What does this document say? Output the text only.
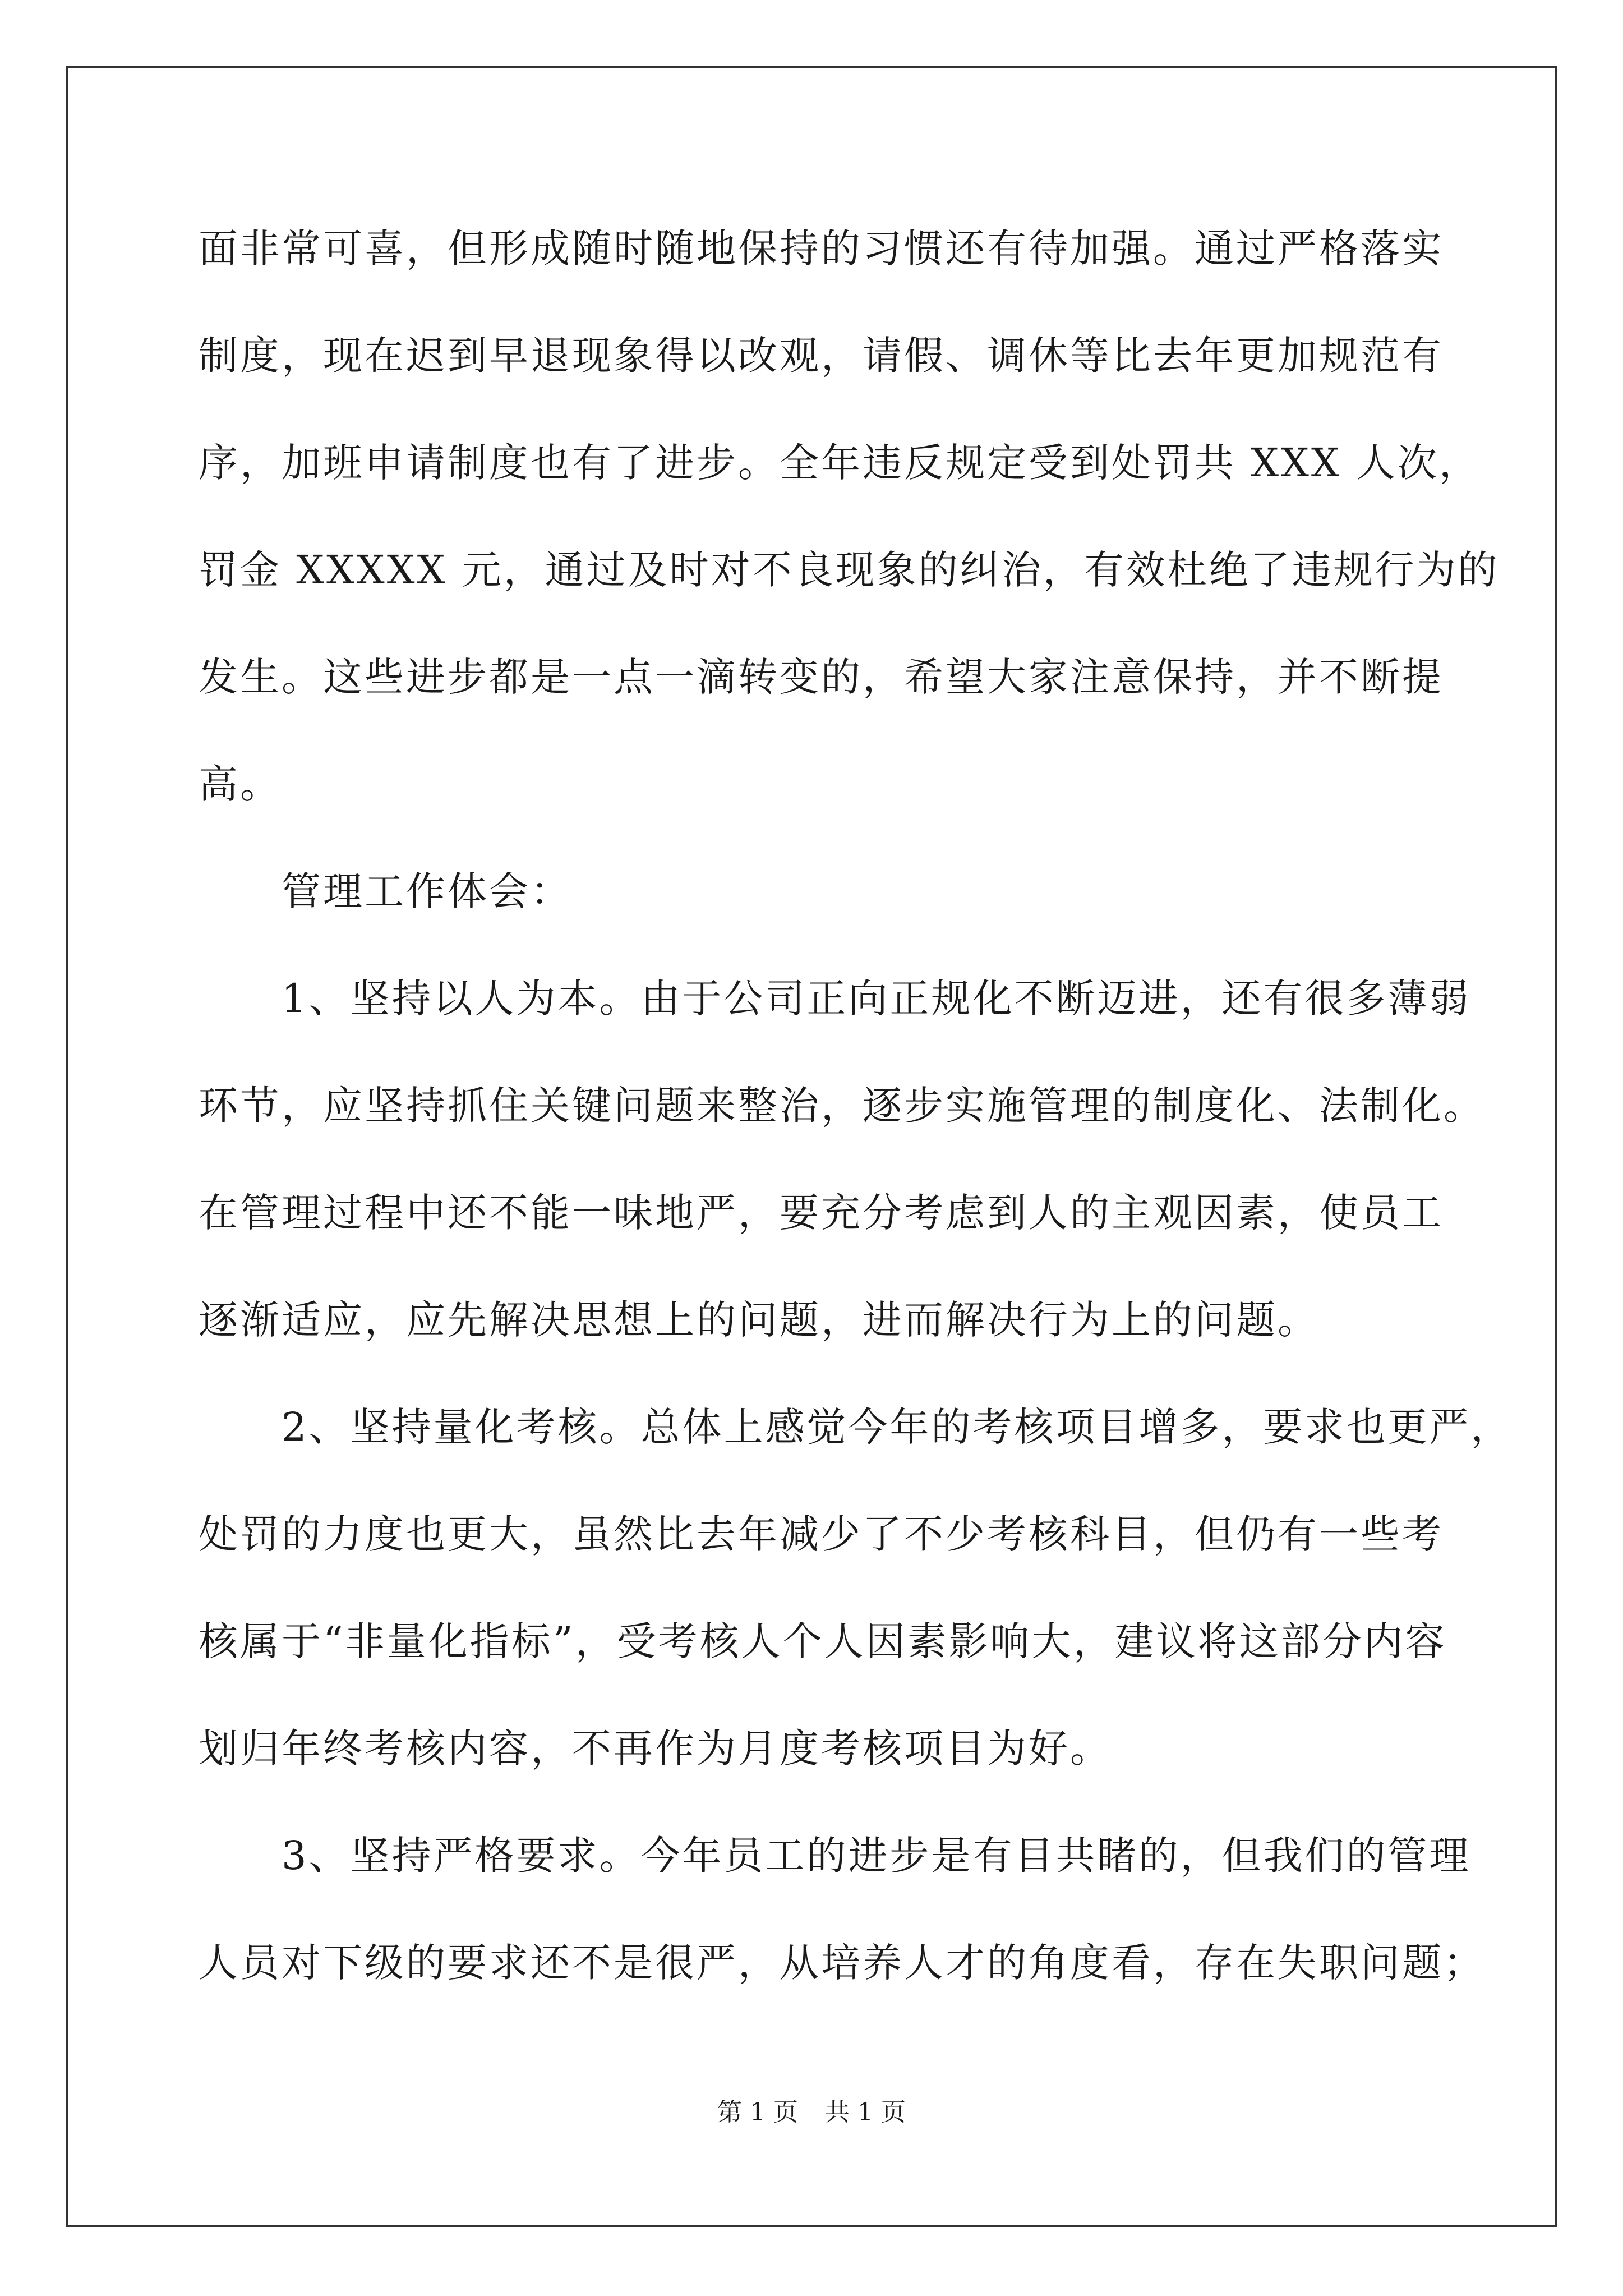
面非常可喜，但形成随时随地保持的习惯还有待加强。通过严格落实
制度，现在迟到早退现象得以改观，请假、调休等比去年更加规范有
序，加班申请制度也有了进步。全年违反规定受到处罚共 XXX 人次，
罚金 XXXXX 元，通过及时对不良现象的纠治，有效杜绝了违规行为的
发生。这些进步都是一点一滴转变的，希望大家注意保持，并不断提
高。
管理工作体会：
1、坚持以人为本。由于公司正向正规化不断迈进，还有很多薄弱
环节，应坚持抓住关键问题来整治，逐步实施管理的制度化、法制化。
在管理过程中还不能一味地严，要充分考虑到人的主观因素，使员工
逐渐适应，应先解决思想上的问题，进而解决行为上的问题。
2、坚持量化考核。总体上感觉今年的考核项目增多，要求也更严，
处罚的力度也更大，虽然比去年减少了不少考核科目，但仍有一些考
核属于“非量化指标”，受考核人个人因素影响大，建议将这部分内容
划归年终考核内容，不再作为月度考核项目为好。
3、坚持严格要求。今年员工的进步是有目共睹的，但我们的管理
人员对下级的要求还不是很严，从培养人才的角度看，存在失职问题；
第 1 页 共 1 页
